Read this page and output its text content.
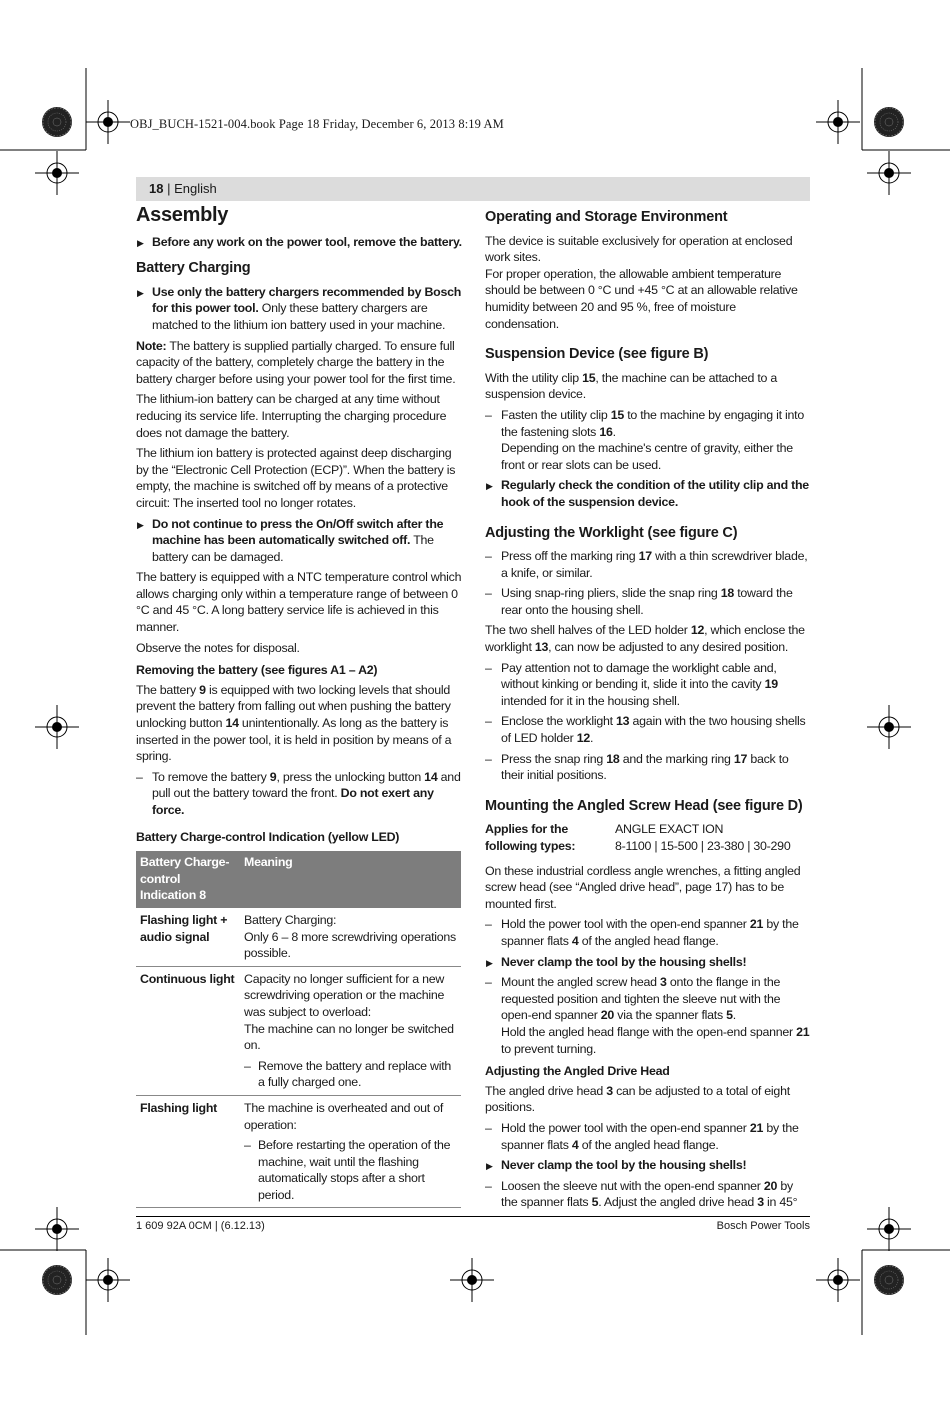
OBJ_BUCH-1521-004.book Page 18 Friday, December 6, 2013 8:19 AM
18 | English
Assembly

▶ Before any work on the power tool, remove the battery.

Battery Charging

▶ Use only the battery chargers recommended by Bosch for this power tool. Only these battery chargers are matched to the lithium ion battery used in your machine.

Note: The battery is supplied partially charged. To ensure full capacity of the battery, completely charge the battery in the battery charger before using your power tool for the first time.

The lithium-ion battery can be charged at any time without reducing its service life. Interrupting the charging procedure does not damage the battery.

The lithium ion battery is protected against deep discharging by the “Electronic Cell Protection (ECP)”. When the battery is empty, the machine is switched off by means of a protective circuit: The inserted tool no longer rotates.

▶ Do not continue to press the On/Off switch after the machine has been automatically switched off. The battery can be damaged.

The battery is equipped with a NTC temperature control which allows charging only within a temperature range of between 0 °C and 45 °C. A long battery service life is achieved in this manner.

Observe the notes for disposal.

Removing the battery (see figures A1 – A2)

The battery 9 is equipped with two locking levels that should prevent the battery from falling out when pushing the battery unlocking button 14 unintentionally. As long as the battery is inserted in the power tool, it is held in position by means of a spring.

– To remove the battery 9, press the unlocking button 14 and pull out the battery toward the front. Do not exert any force.

Battery Charge-control Indication (yellow LED)
Battery Charge-control Indication 8	Meaning
Flashing light + audio signal	Battery Charging:
Only 6 – 8 more screwdriving operations possible.

Continuous light	Capacity no longer sufficient for a new screwdriving operation or the machine was subject to overload:
The machine can no longer be switched on.
– Remove the battery and replace with a fully charged one.

Flashing light	The machine is overheated and out of operation:
– Before restarting the operation of the machine, wait until the flashing automatically stops after a short period.
Operating and Storage Environment

The device is suitable exclusively for operation at enclosed work sites.

For proper operation, the allowable ambient temperature should be between 0 °C und +45 °C at an allowable relative humidity between 20 and 95 %, free of moisture condensation.

Suspension Device (see figure B)

With the utility clip 15, the machine can be attached to a suspension device.

– Fasten the utility clip 15 to the machine by engaging it into the fastening slots 16.
Depending on the machine's centre of gravity, either the front or rear slots can be used.

▶ Regularly check the condition of the utility clip and the hook of the suspension device.

Adjusting the Worklight (see figure C)

– Press off the marking ring 17 with a thin screwdriver blade, a knife, or similar.

– Using snap-ring pliers, slide the snap ring 18 toward the rear onto the housing shell.

The two shell halves of the LED holder 12, which enclose the worklight 13, can now be adjusted to any desired position.

– Pay attention not to damage the worklight cable and, without kinking or bending it, slide it into the cavity 19 intended for it in the housing shell.

– Enclose the worklight 13 again with the two housing shells of LED holder 12.

– Press the snap ring 18 and the marking ring 17 back to their initial positions.

Mounting the Angled Screw Head (see figure D)
Applies for the following types:
ANGLE EXACT ION
8-1100 | 15-500 | 23-380 | 30-290

On these industrial cordless angle wrenches, a fitting angled screw head (see “Angled drive head”, page 17) has to be mounted first.

– Hold the power tool with the open-end spanner 21 by the spanner flats 4 of the angled head flange.

▶ Never clamp the tool by the housing shells!

– Mount the angled screw head 3 onto the flange in the requested position and tighten the sleeve nut with the open-end spanner 20 via the spanner flats 5.
Hold the angled head flange with the open-end spanner 21 to prevent turning.
Adjusting the Angled Drive Head

The angled drive head 3 can be adjusted to a total of eight positions.

– Hold the power tool with the open-end spanner 21 by the spanner flats 4 of the angled head flange.

▶ Never clamp the tool by the housing shells!

– Loosen the sleeve nut with the open-end spanner 20 by the spanner flats 5. Adjust the angled drive head 3 in 45°

1 609 92A 0CM | (6.12.13)	Bosch Power Tools
